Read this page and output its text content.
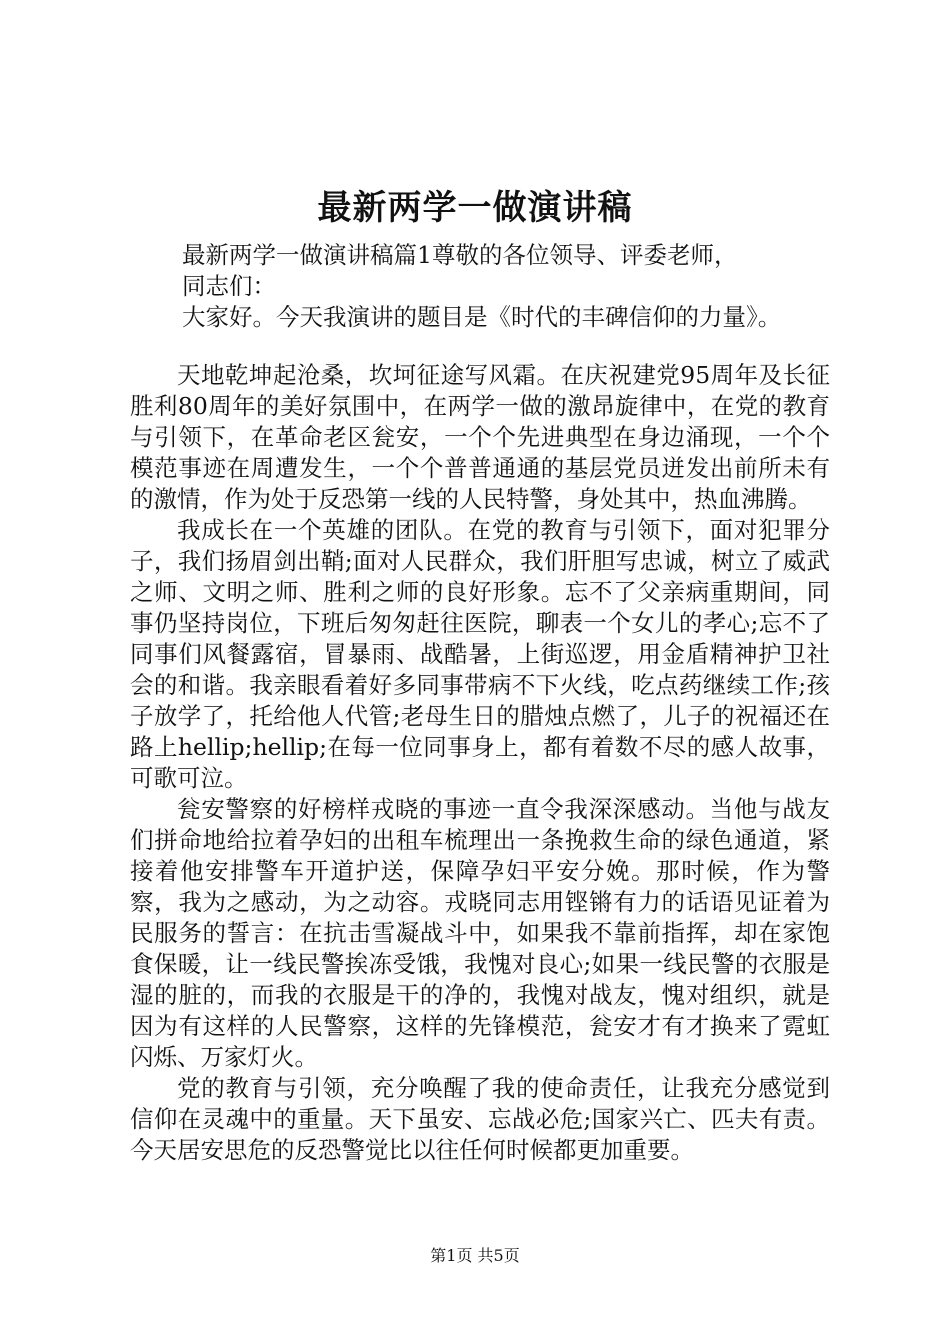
最新两学一做演讲稿

最新两学一做演讲稿篇1尊敬的各位领导、评委老师，

同志们：

大家好。今天我演讲的题目是《时代的丰碑信仰的力量》。

天地乾坤起沧桑，坎坷征途写风霜。在庆祝建党95周年及长征胜利80周年的美好氛围中，在两学一做的激昂旋律中，在党的教育与引领下，在革命老区瓮安，一个个先进典型在身边涌现，一个个模范事迹在周遭发生，一个个普普通通的基层党员迸发出前所未有的激情，作为处于反恐第一线的人民特警，身处其中，热血沸腾。

我成长在一个英雄的团队。在党的教育与引领下，面对犯罪分子，我们扬眉剑出鞘;面对人民群众，我们肝胆写忠诚，树立了威武之师、文明之师、胜利之师的良好形象。忘不了父亲病重期间，同事仍坚持岗位，下班后匆匆赶往医院，聊表一个女儿的孝心;忘不了同事们风餐露宿，冒暴雨、战酷暑，上街巡逻，用金盾精神护卫社会的和谐。我亲眼看着好多同事带病不下火线，吃点药继续工作;孩子放学了，托给他人代管;老母生日的腊烛点燃了，儿子的祝福还在路上hellip;hellip;在每一位同事身上，都有着数不尽的感人故事，可歌可泣。

瓮安警察的好榜样戎晓的事迹一直令我深深感动。当他与战友们拼命地给拉着孕妇的出租车梳理出一条挽救生命的绿色通道，紧接着他安排警车开道护送，保障孕妇平安分娩。那时候，作为警察，我为之感动，为之动容。戎晓同志用铿锵有力的话语见证着为民服务的誓言：在抗击雪凝战斗中，如果我不靠前指挥，却在家饱食保暖，让一线民警挨冻受饿，我愧对良心;如果一线民警的衣服是湿的脏的，而我的衣服是干的净的，我愧对战友，愧对组织，就是因为有这样的人民警察，这样的先锋模范，瓮安才有才换来了霓虹闪烁、万家灯火。

党的教育与引领，充分唤醒了我的使命责任，让我充分感觉到信仰在灵魂中的重量。天下虽安、忘战必危;国家兴亡、匹夫有责。今天居安思危的反恐警觉比以往任何时候都更加重要。

第1页 共5页
